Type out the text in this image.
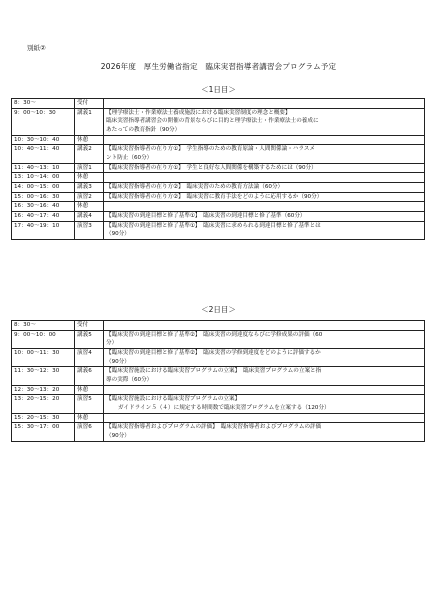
別紙②
2026年度　厚生労働省指定　臨床実習指導者講習会プログラム予定
＜1日目＞
8：30～	受付	
9：00～10：30	講義1	【理学療法士・作業療法士養成施設における臨床実習制度の理念と概要】
臨床実習指導者講習会の開催の背景ならびに目的と理学療法士・作業療法士の養成に
あたっての教育指針（90分）

10：30～10：40	休憩	
10：40～11：40	講義2	【臨床実習指導者の在り方①】　学生指導のための教育原論・人間関係論・ハラスメ
ント防止（60分）

11：40～13：10	演習1	【臨床実習指導者の在り方①】　学生と良好な人間関係を構築するためには（90分）

13：10～14：00	休憩	
14：00～15：00	講義3	【臨床実習指導者の在り方②】　臨床実習のための教育方法論（60分）

15：00～16：30	演習2	【臨床実習指導者の在り方②】　臨床実習に教育手法をどのように応用するか（90分）

16：30～16：40	休憩	
16：40～17：40	講義4	【臨床実習の到達目標と修了基準①】　臨床実習の到達目標と修了基準（60分）

17：40～19：10	演習3	【臨床実習の到達目標と修了基準①】　臨床実習に求められる到達目標と修了基準とは
（90分）
＜2日目＞
8：30～	受付	
9：00～10：00	講義5	【臨床実習の到達目標と修了基準②】　臨床実習の到達度ならびに学修成果の評価（60
分）

10：00～11：30	演習4	【臨床実習の到達目標と修了基準②】　臨床実習の学修到達度をどのように評価するか
（90分）

11：30～12：30	講義6	【臨床実習施設における臨床実習プログラムの立案】　臨床実習プログラムの立案と指
導の実際（60分）

12：30～13：20	休憩	
13：20～15：20	演習5	【臨床実習施設における臨床実習プログラムの立案】
ガイドライン５（４）に規定する時間数で臨床実習プログラムを立案する（120分）

15：20～15：30	休憩	
15：30～17：00	演習6	【臨床実習指導者およびプログラムの評価】　臨床実習指導者およびプログラムの評価
（90分）
